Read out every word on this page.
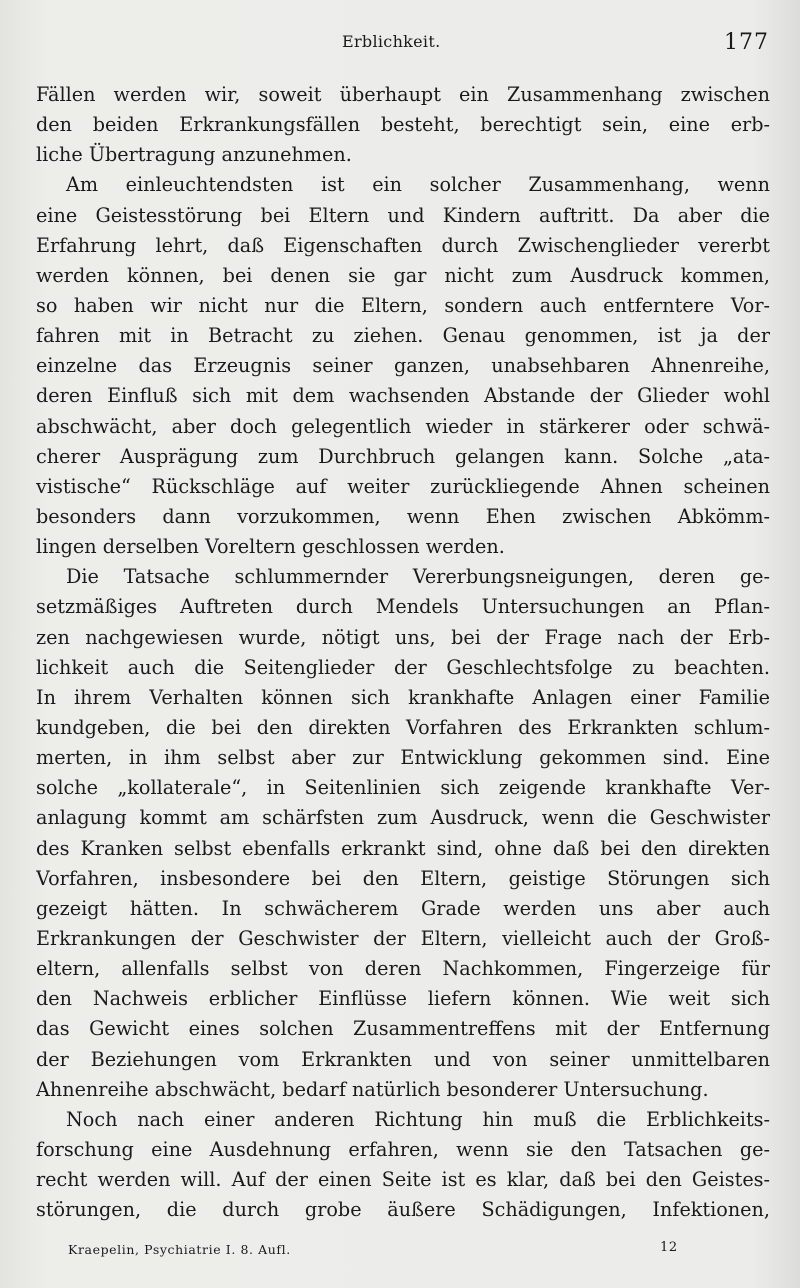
Erblichkeit.	177
Fällen werden wir, soweit überhaupt ein Zusammenhang zwischen
den beiden Erkrankungsfällen besteht, berechtigt sein, eine erb-
liche Übertragung anzunehmen.
Am einleuchtendsten ist ein solcher Zusammenhang, wenn
eine Geistesstörung bei Eltern und Kindern auftritt. Da aber die
Erfahrung lehrt, daß Eigenschaften durch Zwischenglieder vererbt
werden können, bei denen sie gar nicht zum Ausdruck kommen,
so haben wir nicht nur die Eltern, sondern auch entferntere Vor-
fahren mit in Betracht zu ziehen. Genau genommen, ist ja der
einzelne das Erzeugnis seiner ganzen, unabsehbaren Ahnenreihe,
deren Einfluß sich mit dem wachsenden Abstande der Glieder wohl
abschwächt, aber doch gelegentlich wieder in stärkerer oder schwä-
cherer Ausprägung zum Durchbruch gelangen kann. Solche „ata-
vistische“ Rückschläge auf weiter zurückliegende Ahnen scheinen
besonders dann vorzukommen, wenn Ehen zwischen Abkömm-
lingen derselben Voreltern geschlossen werden.
Die Tatsache schlummernder Vererbungsneigungen, deren ge-
setzmäßiges Auftreten durch Mendels Untersuchungen an Pflan-
zen nachgewiesen wurde, nötigt uns, bei der Frage nach der Erb-
lichkeit auch die Seitenglieder der Geschlechtsfolge zu beachten.
In ihrem Verhalten können sich krankhafte Anlagen einer Familie
kundgeben, die bei den direkten Vorfahren des Erkrankten schlum-
merten, in ihm selbst aber zur Entwicklung gekommen sind. Eine
solche „kollaterale“, in Seitenlinien sich zeigende krankhafte Ver-
anlagung kommt am schärfsten zum Ausdruck, wenn die Geschwister
des Kranken selbst ebenfalls erkrankt sind, ohne daß bei den direkten
Vorfahren, insbesondere bei den Eltern, geistige Störungen sich
gezeigt hätten. In schwächerem Grade werden uns aber auch
Erkrankungen der Geschwister der Eltern, vielleicht auch der Groß-
eltern, allenfalls selbst von deren Nachkommen, Fingerzeige für
den Nachweis erblicher Einflüsse liefern können. Wie weit sich
das Gewicht eines solchen Zusammentreffens mit der Entfernung
der Beziehungen vom Erkrankten und von seiner unmittelbaren
Ahnenreihe abschwächt, bedarf natürlich besonderer Untersuchung.
Noch nach einer anderen Richtung hin muß die Erblichkeits-
forschung eine Ausdehnung erfahren, wenn sie den Tatsachen ge-
recht werden will. Auf der einen Seite ist es klar, daß bei den Geistes-
störungen, die durch grobe äußere Schädigungen, Infektionen,
Kraepelin, Psychiatrie I. 8. Aufl.	12
